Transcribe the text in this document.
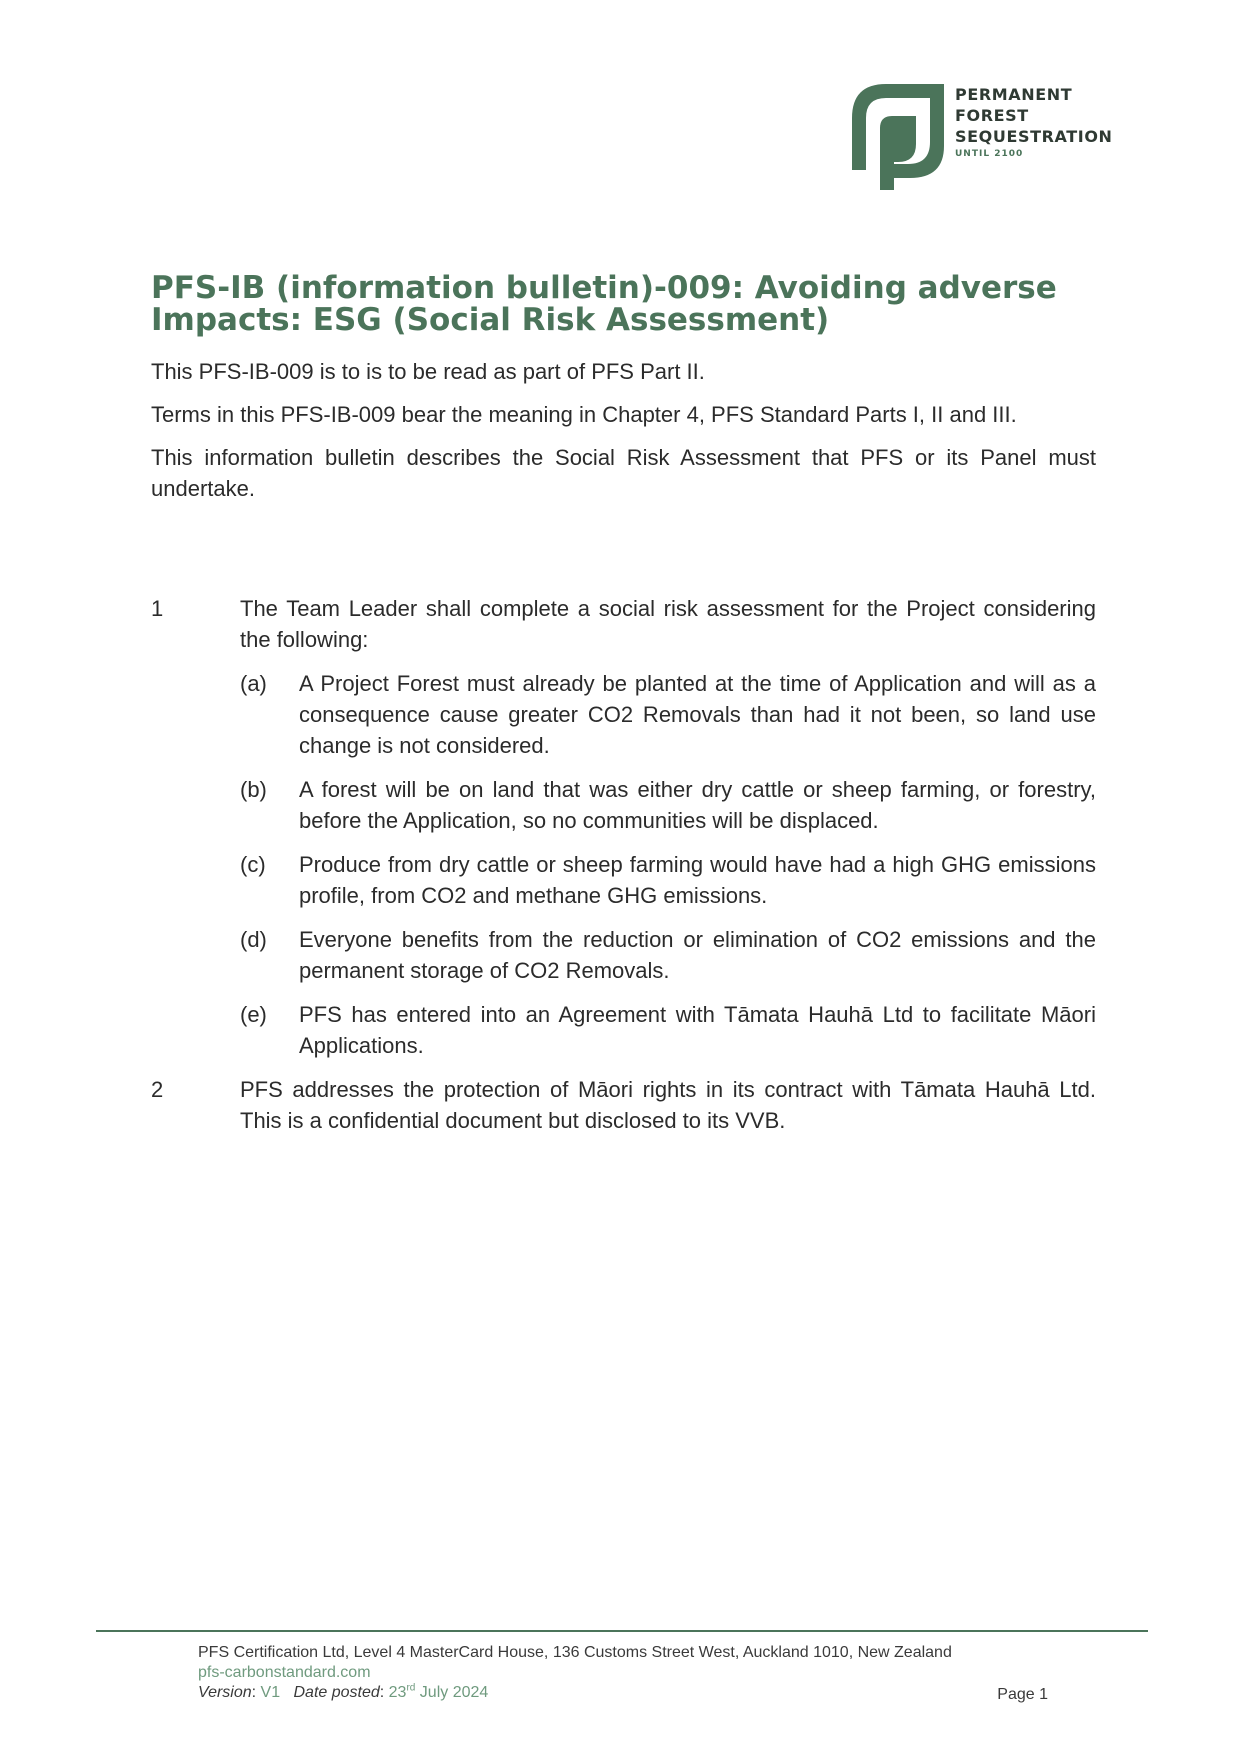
PERMANENT
FOREST
SEQUESTRATION
UNTIL 2100
PFS-IB (information bulletin)-009: Avoiding adverse Impacts: ESG (Social Risk Assessment)

This PFS-IB-009 is to is to be read as part of PFS Part II.

Terms in this PFS-IB-009 bear the meaning in Chapter 4, PFS Standard Parts I, II and III.

This information bulletin describes the Social Risk Assessment that PFS or its Panel must undertake.

1	The Team Leader shall complete a social risk assessment for the Project considering the following:

(a) A Project Forest must already be planted at the time of Application and will as a consequence cause greater CO2 Removals than had it not been, so land use change is not considered.

(b) A forest will be on land that was either dry cattle or sheep farming, or forestry, before the Application, so no communities will be displaced.

(c) Produce from dry cattle or sheep farming would have had a high GHG emissions profile, from CO2 and methane GHG emissions.

(d) Everyone benefits from the reduction or elimination of CO2 emissions and the permanent storage of CO2 Removals.

(e) PFS has entered into an Agreement with Tāmata Hauhā Ltd to facilitate Māori Applications.

2	PFS addresses the protection of Māori rights in its contract with Tāmata Hauhā Ltd. This is a confidential document but disclosed to its VVB.

PFS Certification Ltd, Level 4 MasterCard House, 136 Customs Street West, Auckland 1010, New Zealand
pfs-carbonstandard.com
Version: V1 Date posted: 23rd July 2024	Page 1
